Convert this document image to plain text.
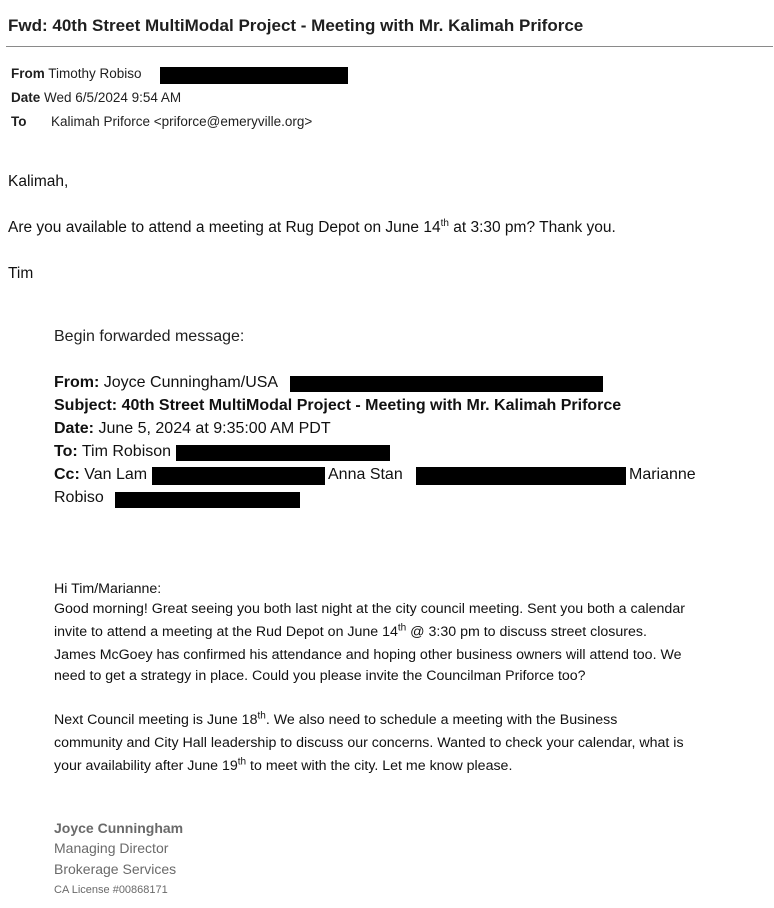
Fwd: 40th Street MultiModal Project - Meeting with Mr. Kalimah Priforce
From Timothy Robiso
Date Wed 6/5/2024 9:54 AM
To Kalimah Priforce <priforce@emeryville.org>
Kalimah,
Are you available to attend a meeting at Rug Depot on June 14th at 3:30 pm? Thank you.
Tim
Begin forwarded message:
From: Joyce Cunningham/USA
Subject: 40th Street MultiModal Project - Meeting with Mr. Kalimah Priforce
Date: June 5, 2024 at 9:35:00 AM PDT
To: Tim Robison
Cc: Van Lam	Anna Stan	Marianne
Robiso
Hi Tim/Marianne:
Good morning! Great seeing you both last night at the city council meeting. Sent you both a calendar
invite to attend a meeting at the Rud Depot on June 14th @ 3:30 pm to discuss street closures.
James McGoey has confirmed his attendance and hoping other business owners will attend too. We
need to get a strategy in place. Could you please invite the Councilman Priforce too?
Next Council meeting is June 18th. We also need to schedule a meeting with the Business
community and City Hall leadership to discuss our concerns. Wanted to check your calendar, what is
your availability after June 19th to meet with the city. Let me know please.
Joyce Cunningham
Managing Director
Brokerage Services
CA License #00868171
